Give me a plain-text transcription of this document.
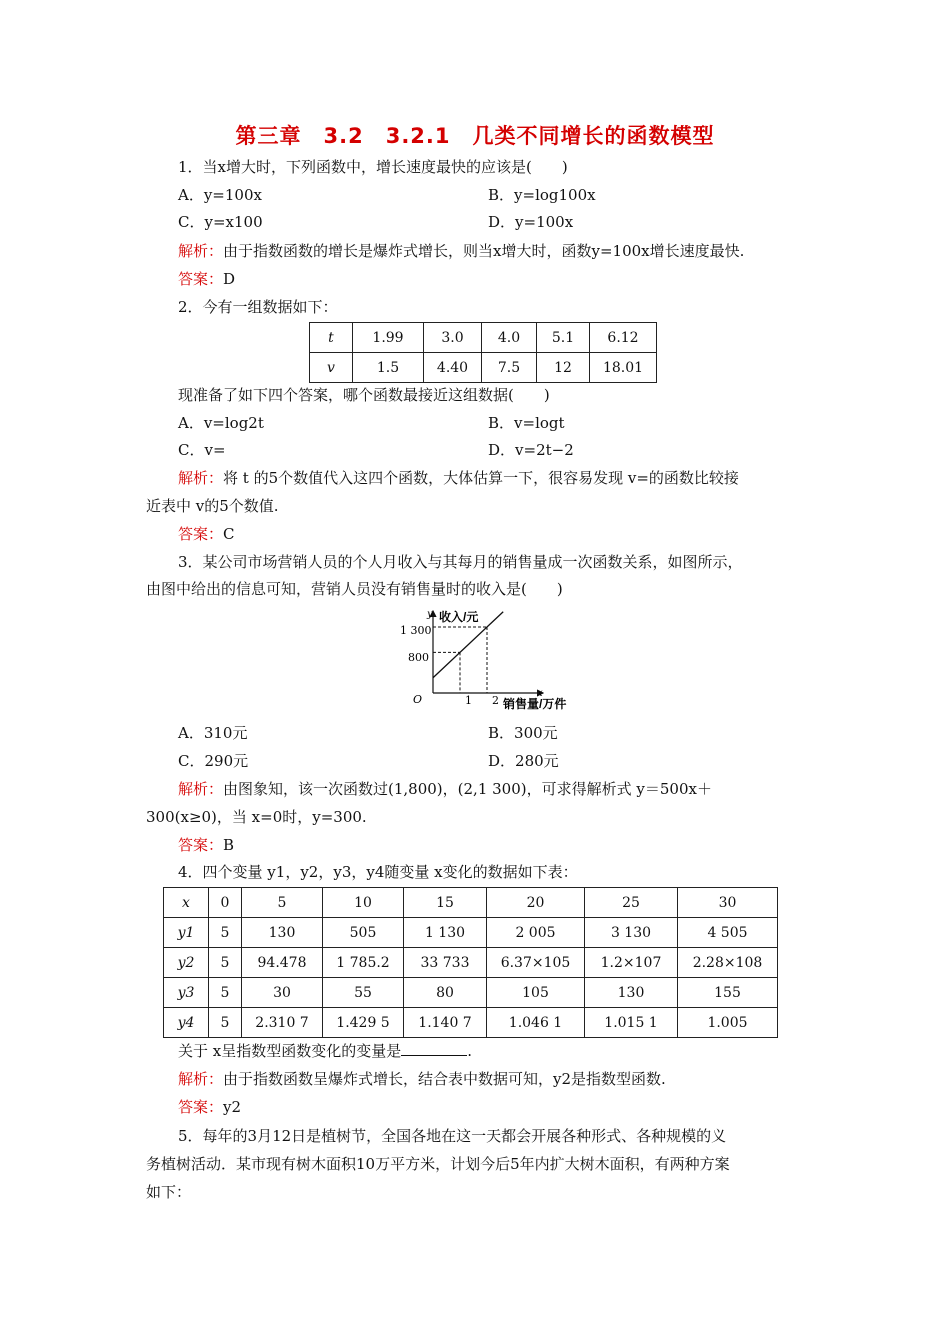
第三章　3.2　3.2.1　几类不同增长的函数模型
1．当x增大时，下列函数中，增长速度最快的应该是(　　)
A．y=100x	B．y=log100x
C．y=x100	D．y=100x
解析：由于指数函数的增长是爆炸式增长，则当x增大时，函数y=100x增长速度最快.
答案：D
2．今有一组数据如下：
t	1.99	3.0	4.0	5.1	6.12
v	1.5	4.40	7.5	12	18.01
现准备了如下四个答案，哪个函数最接近这组数据(　　)
A．v=log2t	B．v=logt
C．v=	D．v=2t−2
解析：将 t 的5个数值代入这四个函数，大体估算一下，很容易发现 v=的函数比较接
近表中 v的5个数值.
答案：C
3．某公司市场营销人员的个人月收入与其每月的销售量成一次函数关系，如图所示，
由图中给出的信息可知，营销人员没有销售量时的收入是(　　)
O	x
y 收入/元
销售量/万件
800
1 300
1 2
A．310元	B．300元
C．290元	D．280元
解析：由图象知，该一次函数过(1,800)，(2,1 300)，可求得解析式 y＝500x＋
300(x≥0)，当 x=0时，y=300.
答案：B
4．四个变量 y1，y2，y3，y4随变量 x变化的数据如下表：
x	0	5	10	15	20	25	30
y1	5	130	505	1 130	2 005	3 130	4 505
y2	5	94.478	1 785.2	33 733	6.37×105	1.2×107	2.28×108
y3	5	30	55	80	105	130	155
y4	5	2.310 7	1.429 5	1.140 7	1.046 1	1.015 1	1.005
关于 x呈指数型函数变化的变量是	.
解析：由于指数函数呈爆炸式增长，结合表中数据可知，y2是指数型函数.
答案：y2
5．每年的3月12日是植树节，全国各地在这一天都会开展各种形式、各种规模的义
务植树活动．某市现有树木面积10万平方米，计划今后5年内扩大树木面积，有两种方案
如下：
